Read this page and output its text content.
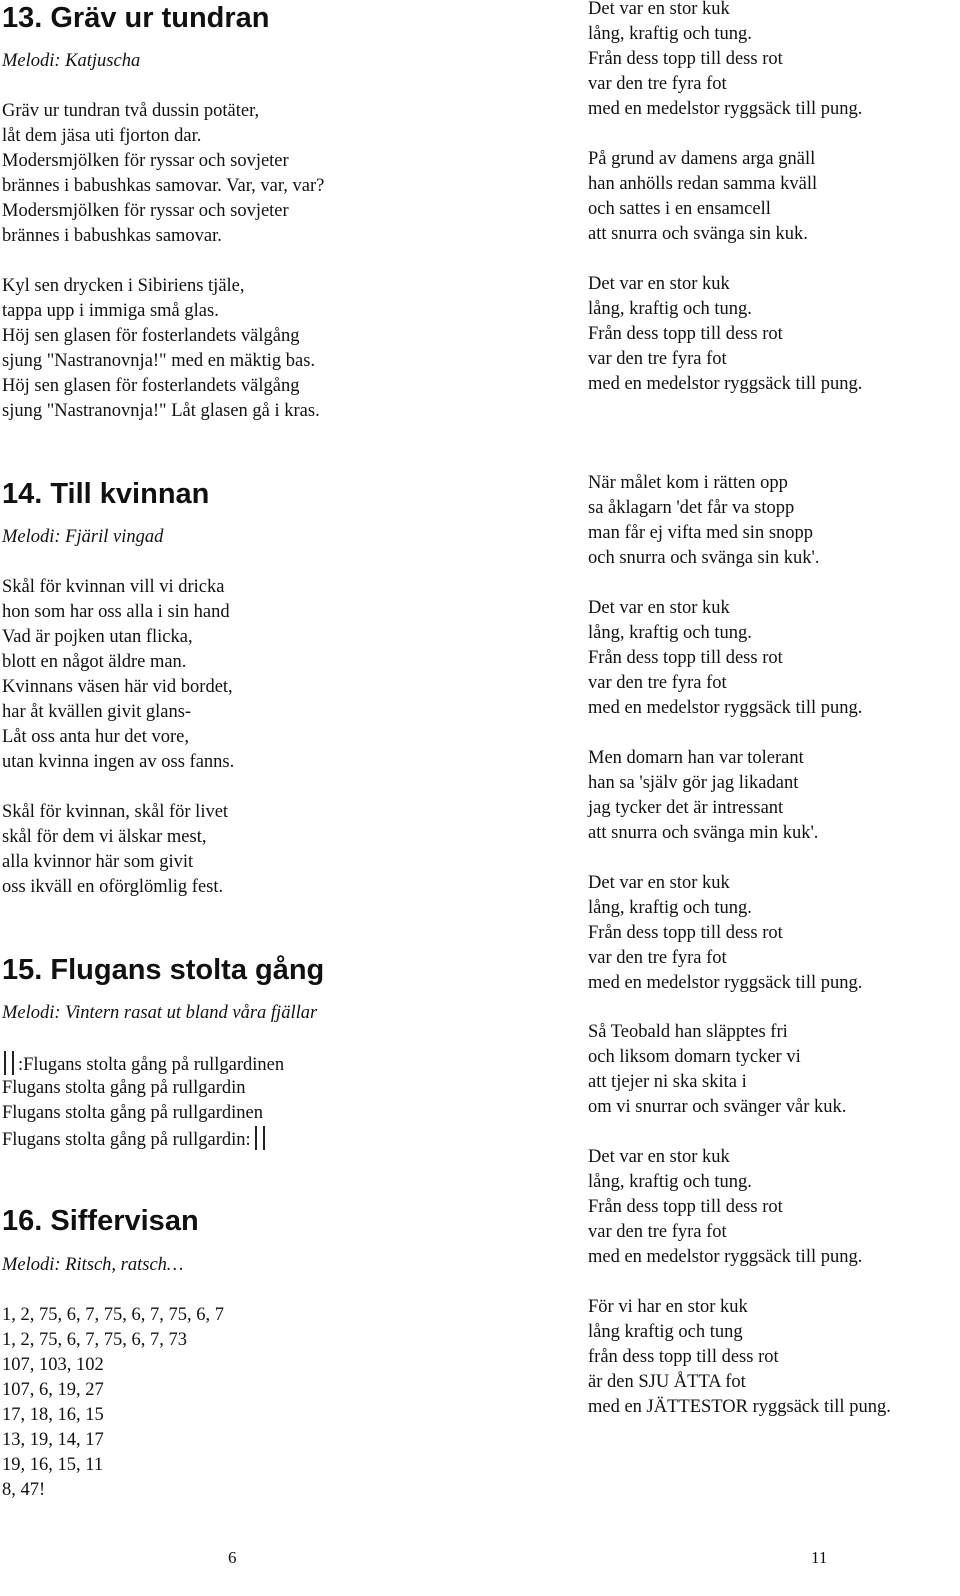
13. Gräv ur tundran
Melodi: Katjuscha
Gräv ur tundran två dussin potäter,
låt dem jäsa uti fjorton dar.
Modersmjölken för ryssar och sovjeter
brännes i babushkas samovar. Var, var, var?
Modersmjölken för ryssar och sovjeter
brännes i babushkas samovar.
Kyl sen drycken i Sibiriens tjäle,
tappa upp i immiga små glas.
Höj sen glasen för fosterlandets välgång
sjung "Nastranovnja!" med en mäktig bas.
Höj sen glasen för fosterlandets välgång
sjung "Nastranovnja!" Låt glasen gå i kras.
14. Till kvinnan
Melodi: Fjäril vingad
Skål för kvinnan vill vi dricka
hon som har oss alla i sin hand
Vad är pojken utan flicka,
blott en något äldre man.
Kvinnans väsen här vid bordet,
har åt kvällen givit glans-
Låt oss anta hur det vore,
utan kvinna ingen av oss fanns.
Skål för kvinnan, skål för livet
skål för dem vi älskar mest,
alla kvinnor här som givit
oss ikväll en oförglömlig fest.
15. Flugans stolta gång
Melodi: Vintern rasat ut bland våra fjällar
:Flugans stolta gång på rullgardinen
Flugans stolta gång på rullgardin
Flugans stolta gång på rullgardinen
Flugans stolta gång på rullgardin:
16. Siffervisan
Melodi: Ritsch, ratsch…
1, 2, 75, 6, 7, 75, 6, 7, 75, 6, 7
1, 2, 75, 6, 7, 75, 6, 7, 73
107, 103, 102
107, 6, 19, 27
17, 18, 16, 15
13, 19, 14, 17
19, 16, 15, 11
8, 47!
Det var en stor kuk
lång, kraftig och tung.
Från dess topp till dess rot
var den tre fyra fot
med en medelstor ryggsäck till pung.
På grund av damens arga gnäll
han anhölls redan samma kväll
och sattes i en ensamcell
att snurra och svänga sin kuk.
Det var en stor kuk
lång, kraftig och tung.
Från dess topp till dess rot
var den tre fyra fot
med en medelstor ryggsäck till pung.
När målet kom i rätten opp
sa åklagarn 'det får va stopp
man får ej vifta med sin snopp
och snurra och svänga sin kuk'.
Det var en stor kuk
lång, kraftig och tung.
Från dess topp till dess rot
var den tre fyra fot
med en medelstor ryggsäck till pung.
Men domarn han var tolerant
han sa 'själv gör jag likadant
jag tycker det är intressant
att snurra och svänga min kuk'.
Det var en stor kuk
lång, kraftig och tung.
Från dess topp till dess rot
var den tre fyra fot
med en medelstor ryggsäck till pung.
Så Teobald han släpptes fri
och liksom domarn tycker vi
att tjejer ni ska skita i
om vi snurrar och svänger vår kuk.
Det var en stor kuk
lång, kraftig och tung.
Från dess topp till dess rot
var den tre fyra fot
med en medelstor ryggsäck till pung.
För vi har en stor kuk
lång kraftig och tung
från dess topp till dess rot
är den SJU ÅTTA fot
med en JÄTTESTOR ryggsäck till pung.
6	11
